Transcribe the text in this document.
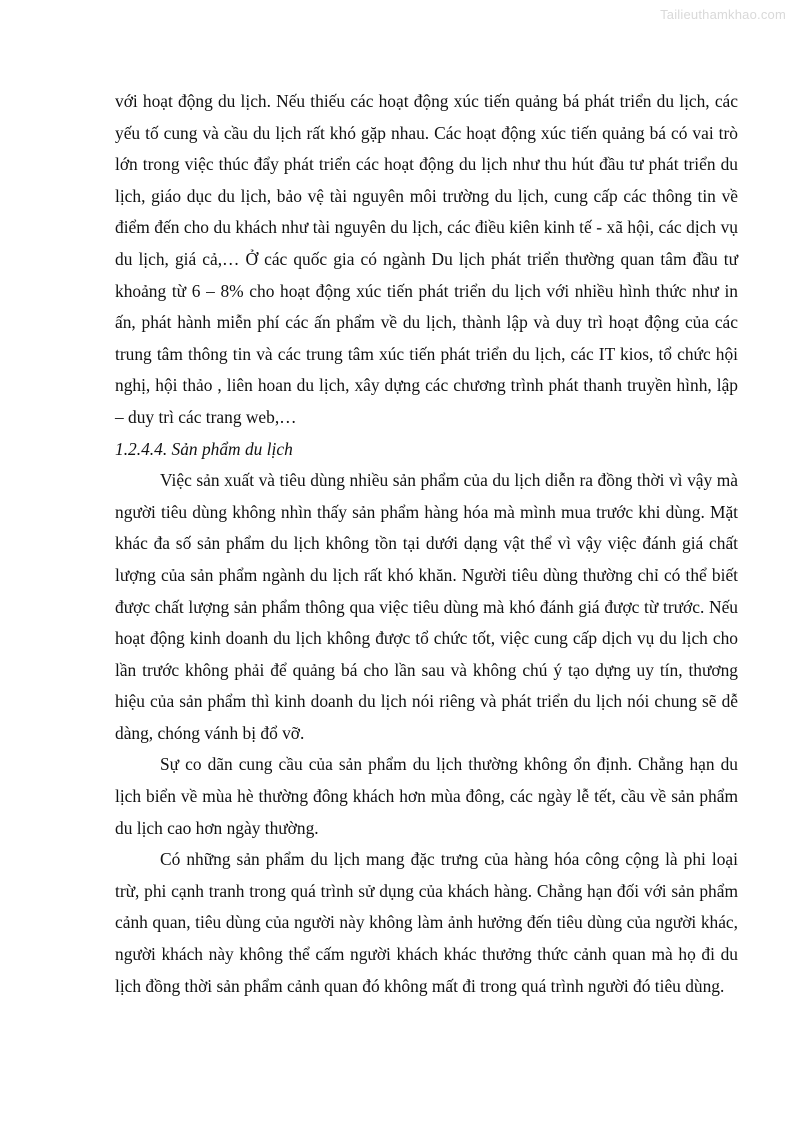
Tailieuthamkhao.com

với hoạt động du lịch. Nếu thiếu các hoạt động xúc tiến quảng bá phát triển du lịch, các yếu tố cung và cầu du lịch rất khó gặp nhau. Các hoạt động xúc tiến quảng bá có vai trò lớn trong việc thúc đẩy phát triển các hoạt động du lịch như thu hút đầu tư phát triển du lịch, giáo dục du lịch, bảo vệ tài nguyên môi trường du lịch, cung cấp các thông tin về điểm đến cho du khách như tài nguyên du lịch, các điều kiên kinh tế - xã hội, các dịch vụ du lịch, giá cả,… Ở các quốc gia có ngành Du lịch phát triển thường quan tâm đầu tư khoảng từ 6 – 8% cho hoạt động xúc tiến phát triển du lịch với nhiều hình thức như in ấn, phát hành miễn phí các ấn phẩm về du lịch, thành lập và duy trì hoạt động của các trung tâm thông tin và các trung tâm xúc tiến phát triển du lịch, các IT kios, tổ chức hội nghị, hội thảo , liên hoan du lịch, xây dựng các chương trình phát thanh truyền hình, lập – duy trì các trang web,…

1.2.4.4. Sản phẩm du lịch

Việc sản xuất và tiêu dùng nhiều sản phẩm của du lịch diễn ra đồng thời vì vậy mà người tiêu dùng không nhìn thấy sản phẩm hàng hóa mà mình mua trước khi dùng. Mặt khác đa số sản phẩm du lịch không tồn tại dưới dạng vật thể vì vậy việc đánh giá chất lượng của sản phẩm ngành du lịch rất khó khăn. Người tiêu dùng thường chỉ có thể biết được chất lượng sản phẩm thông qua việc tiêu dùng mà khó đánh giá được từ trước. Nếu hoạt động kinh doanh du lịch không được tổ chức tốt, việc cung cấp dịch vụ du lịch cho lần trước không phải để quảng bá cho lần sau và không chú ý tạo dựng uy tín, thương hiệu của sản phẩm thì kinh doanh du lịch nói riêng và phát triển du lịch nói chung sẽ dễ dàng, chóng vánh bị đổ vỡ.

Sự co dãn cung cầu của sản phẩm du lịch thường không ổn định. Chẳng hạn du lịch biển về mùa hè thường đông khách hơn mùa đông, các ngày lễ tết, cầu về sản phẩm du lịch cao hơn ngày thường.

Có những sản phẩm du lịch mang đặc trưng của hàng hóa công cộng là phi loại trừ, phi cạnh tranh trong quá trình sử dụng của khách hàng. Chẳng hạn đối với sản phẩm cảnh quan, tiêu dùng của người này không làm ảnh hưởng đến tiêu dùng của người khác, người khách này không thể cấm người khách khác thưởng thức cảnh quan mà họ đi du lịch đồng thời sản phẩm cảnh quan đó không mất đi trong quá trình người đó tiêu dùng.
